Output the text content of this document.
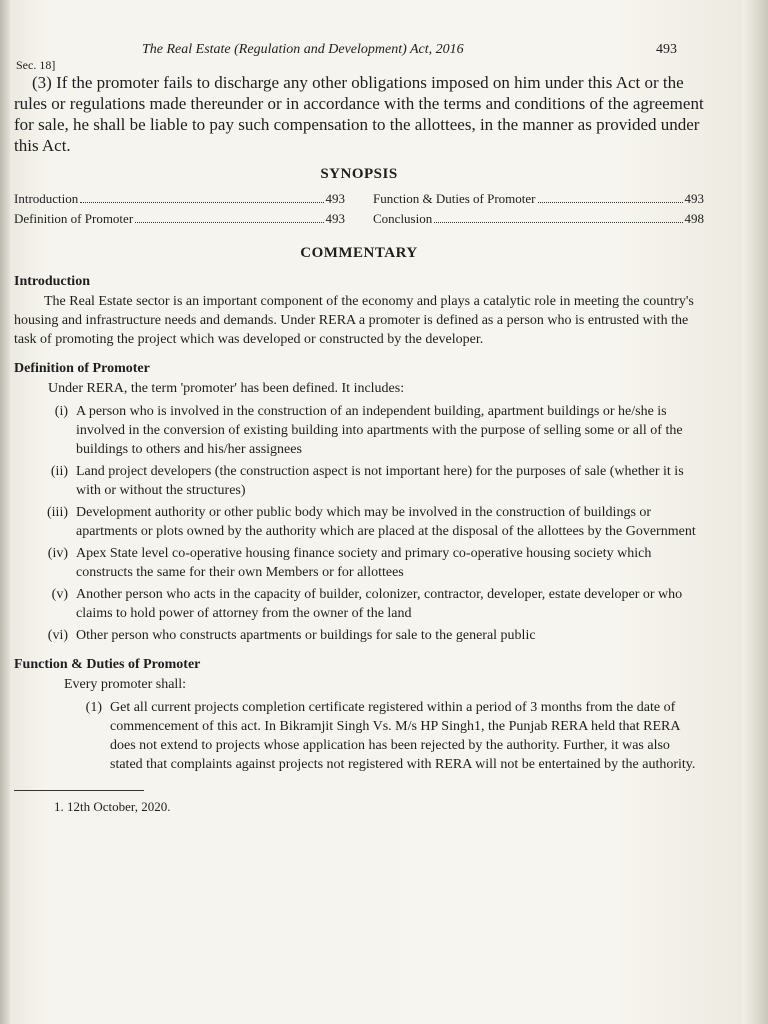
Sec. 18]
The Real Estate (Regulation and Development) Act, 2016	493

(3) If the promoter fails to discharge any other obligations imposed on him under this Act or the rules or regulations made thereunder or in accordance with the terms and conditions of the agreement for sale, he shall be liable to pay such compensation to the allottees, in the manner as provided under this Act.

SYNOPSIS
Introduction	493 Function & Duties of Promoter	493
Definition of Promoter	493 Conclusion	498
COMMENTARY
Introduction

The Real Estate sector is an important component of the economy and plays a catalytic role in meeting the country's housing and infrastructure needs and demands. Under RERA a promoter is defined as a person who is entrusted with the task of promoting the project which was developed or constructed by the developer.

Definition of Promoter

Under RERA, the term 'promoter' has been defined. It includes:

(i) A person who is involved in the construction of an independent building, apartment buildings or he/she is involved in the conversion of existing building into apartments with the purpose of selling some or all of the buildings to others and his/her assignees
(ii) Land project developers (the construction aspect is not important here) for the purposes of sale (whether it is with or without the structures)
(iii) Development authority or other public body which may be involved in the construction of buildings or apartments or plots owned by the authority which are placed at the disposal of the allottees by the Government
(iv) Apex State level co-operative housing finance society and primary co-operative housing society which constructs the same for their own Members or for allottees
(v) Another person who acts in the capacity of builder, colonizer, contractor, developer, estate developer or who claims to hold power of attorney from the owner of the land
(vi) Other person who constructs apartments or buildings for sale to the general public
Function & Duties of Promoter

Every promoter shall:

(1) Get all current projects completion certificate registered within a period of 3 months from the date of commencement of this act. In Bikramjit Singh Vs. M/s HP Singh1, the Punjab RERA held that RERA does not extend to projects whose application has been rejected by the authority. Further, it was also stated that complaints against projects not registered with RERA will not be entertained by the authority.
1. 12th October, 2020.
